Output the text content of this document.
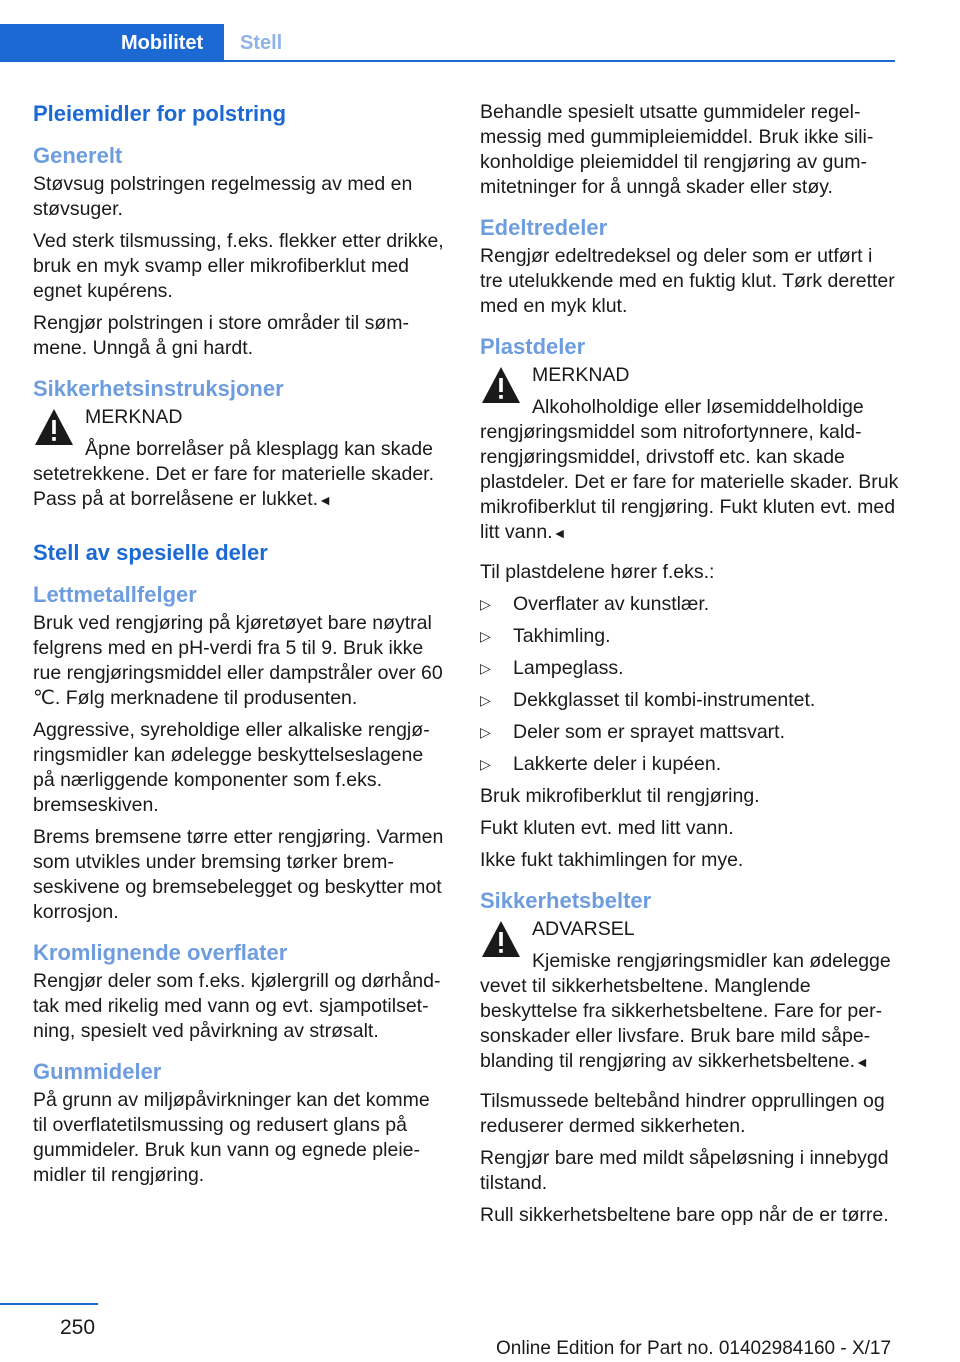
Mobilitet	Stell
Pleiemidler for polstring
Generelt

Støvsug polstringen regelmessig av med en støvsuger.

Ved sterk tilsmussing, f.eks. flekker etter drikke, bruk en myk svamp eller mikrofiberklut med egnet kupérens.

Rengjør polstringen i store områder til sømmene. Unngå å gni hardt.

Sikkerhetsinstruksjoner
MERKNAD
Åpne borrelåser på klesplagg kan skade setetrekkene. Det er fare for materielle skader. Pass på at borrelåsene er lukket.◄
Stell av spesielle deler
Lettmetallfelger

Bruk ved rengjøring på kjøretøyet bare nøytral felgrens med en pH-verdi fra 5 til 9. Bruk ikke rue rengjøringsmiddel eller dampstråler over 60 ℃. Følg merknadene til produsenten.

Aggressive, syreholdige eller alkaliske rengjøringsmidler kan ødelegge beskyttelseslagene på nærliggende komponenter som f.eks. bremseskiven.

Brems bremsene tørre etter rengjøring. Varmen som utvikles under bremsing tørker bremseskivene og bremsebelegget og beskytter mot korrosjon.

Kromlignende overflater

Rengjør deler som f.eks. kjølergrill og dørhåndtak med rikelig med vann og evt. sjampotilsetning, spesielt ved påvirkning av strøsalt.

Gummideler

På grunn av miljøpåvirkninger kan det komme til overflatetilsmussing og redusert glans på gummideler. Bruk kun vann og egnede pleiemidler til rengjøring.

Behandle spesielt utsatte gummideler regelmessig med gummipleiemiddel. Bruk ikke silikonholdige pleiemiddel til rengjøring av gummitetninger for å unngå skader eller støy.

Edeltredeler

Rengjør edeltredeksel og deler som er utført i tre utelukkende med en fuktig klut. Tørk deretter med en myk klut.

Plastdeler
MERKNAD
Alkoholholdige eller løsemiddelholdige rengjøringsmiddel som nitrofortynnere, kaldrengjøringsmiddel, drivstoff etc. kan skade plastdeler. Det er fare for materielle skader. Bruk mikrofiberklut til rengjøring. Fukt kluten evt. med litt vann.◄

Til plastdelene hører f.eks.:

▷ Overflater av kunstlær.
▷ Takhimling.
▷ Lampeglass.
▷ Dekkglasset til kombi-instrumentet.
▷ Deler som er sprayet mattsvart.
▷ Lakkerte deler i kupéen.

Bruk mikrofiberklut til rengjøring.

Fukt kluten evt. med litt vann.

Ikke fukt takhimlingen for mye.

Sikkerhetsbelter
ADVARSEL
Kjemiske rengjøringsmidler kan ødelegge vevet til sikkerhetsbeltene. Manglende beskyttelse fra sikkerhetsbeltene. Fare for personskader eller livsfare. Bruk bare mild såpeblanding til rengjøring av sikkerhetsbeltene.◄

Tilsmussede beltebånd hindrer opprullingen og reduserer dermed sikkerheten.

Rengjør bare med mildt såpeløsning i innebygd tilstand.

Rull sikkerhetsbeltene bare opp når de er tørre.

250
Online Edition for Part no. 01402984160 - X/17
